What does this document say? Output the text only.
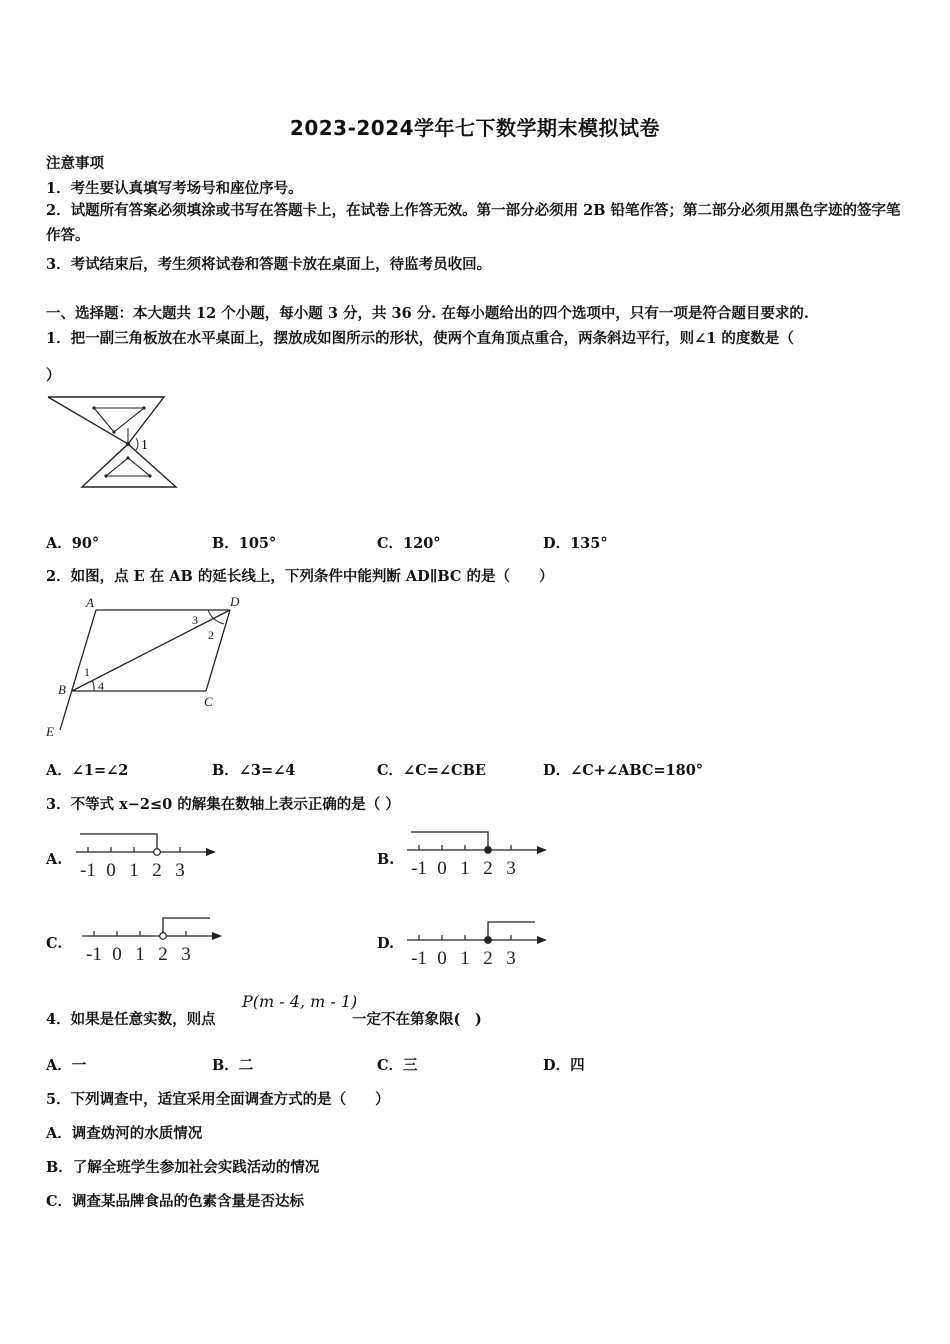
2023-2024学年七下数学期末模拟试卷
注意事项
1．考生要认真填写考场号和座位序号。
2．试题所有答案必须填涂或书写在答题卡上，在试卷上作答无效。第一部分必须用 2B 铅笔作答；第二部分必须用黑色字迹的签字笔作答。
3．考试结束后，考生须将试卷和答题卡放在桌面上，待监考员收回。
一、选择题：本大题共 12 个小题，每小题 3 分，共 36 分. 在每小题给出的四个选项中，只有一项是符合题目要求的.
1．把一副三角板放在水平桌面上，摆放成如图所示的形状，使两个直角顶点重合，两条斜边平行，则∠1 的度数是（
）
1
A．90°	B．105°	C．120°	D．135°
2．如图，点 E 在 AB 的延长线上，下列条件中能判断 AD∥BC 的是（　　）
A	D
B
C
E
1
2
3
4
A．∠1=∠2	B．∠3=∠4	C．∠C=∠CBE	D．∠C+∠ABC=180°
3．不等式 x−2≤0 的解集在数轴上表示正确的是（ ）
A.	B.
C.	D.
-1 0 1 2 3	-1 0 1 2 3
-1 0 1 2 3	-1 0 1 2 3
4．如果是任意实数，则点
P(m - 4, m - 1)
一定不在第象限(　)
A．一	B．二	C．三	D．四
5．下列调查中，适宜采用全面调查方式的是（　　）
A．调查妫河的水质情况
B．了解全班学生参加社会实践活动的情况
C．调查某品牌食品的色素含量是否达标
